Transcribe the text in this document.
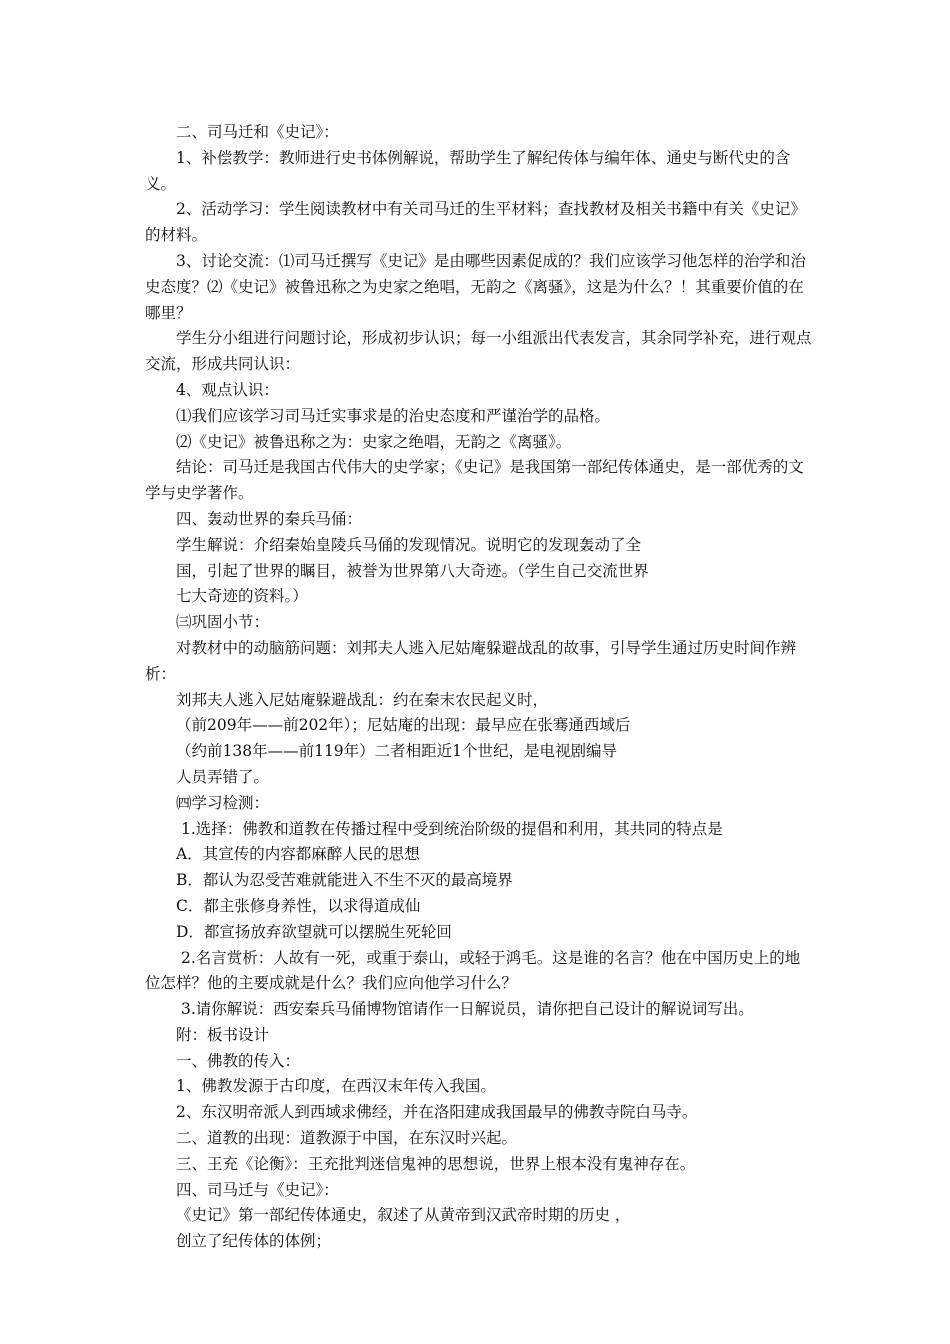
二、司马迁和《史记》：

1、补偿教学：教师进行史书体例解说，帮助学生了解纪传体与编年体、通史与断代史的含义。

2、活动学习：学生阅读教材中有关司马迁的生平材料；查找教材及相关书籍中有关《史记》的材料。

3、讨论交流：⑴司马迁撰写《史记》是由哪些因素促成的？我们应该学习他怎样的治学和治史态度？⑵《史记》被鲁迅称之为史家之绝唱，无韵之《离骚》，这是为什么？！其重要价值的在哪里？

学生分小组进行问题讨论，形成初步认识；每一小组派出代表发言，其余同学补充，进行观点交流，形成共同认识：

4、观点认识：

⑴我们应该学习司马迁实事求是的治史态度和严谨治学的品格。

⑵《史记》被鲁迅称之为：史家之绝唱，无韵之《离骚》。

结论：司马迁是我国古代伟大的史学家；《史记》是我国第一部纪传体通史，是一部优秀的文学与史学著作。

四、轰动世界的秦兵马俑：

学生解说：介绍秦始皇陵兵马俑的发现情况。说明它的发现轰动了全

国，引起了世界的瞩目，被誉为世界第八大奇迹。（学生自己交流世界

七大奇迹的资料。）

㈢巩固小节：

对教材中的动脑筋问题：刘邦夫人逃入尼姑庵躲避战乱的故事，引导学生通过历史时间作辨析：

刘邦夫人逃入尼姑庵躲避战乱：约在秦末农民起义时，

（前209年——前202年）；尼姑庵的出现：最早应在张骞通西域后

（约前138年——前119年）二者相距近1个世纪，是电视剧编导

人员弄错了。

㈣学习检测：

1.选择：佛教和道教在传播过程中受到统治阶级的提倡和利用，其共同的特点是

A．其宣传的内容都麻醉人民的思想

B．都认为忍受苦难就能进入不生不灭的最高境界

C．都主张修身养性，以求得道成仙

D．都宣扬放弃欲望就可以摆脱生死轮回

2.名言赏析：人故有一死，或重于泰山，或轻于鸿毛。这是谁的名言？他在中国历史上的地位怎样？他的主要成就是什么？我们应向他学习什么？

3.请你解说：西安秦兵马俑博物馆请作一日解说员，请你把自己设计的解说词写出。

附：板书设计

一、佛教的传入：

1、佛教发源于古印度，在西汉末年传入我国。

2、东汉明帝派人到西域求佛经，并在洛阳建成我国最早的佛教寺院白马寺。

二、道教的出现：道教源于中国，在东汉时兴起。

三、王充《论衡》：王充批判迷信鬼神的思想说，世界上根本没有鬼神存在。

四、司马迁与《史记》：

《史记》第一部纪传体通史，叙述了从黄帝到汉武帝时期的历史 ，

创立了纪传体的体例；
